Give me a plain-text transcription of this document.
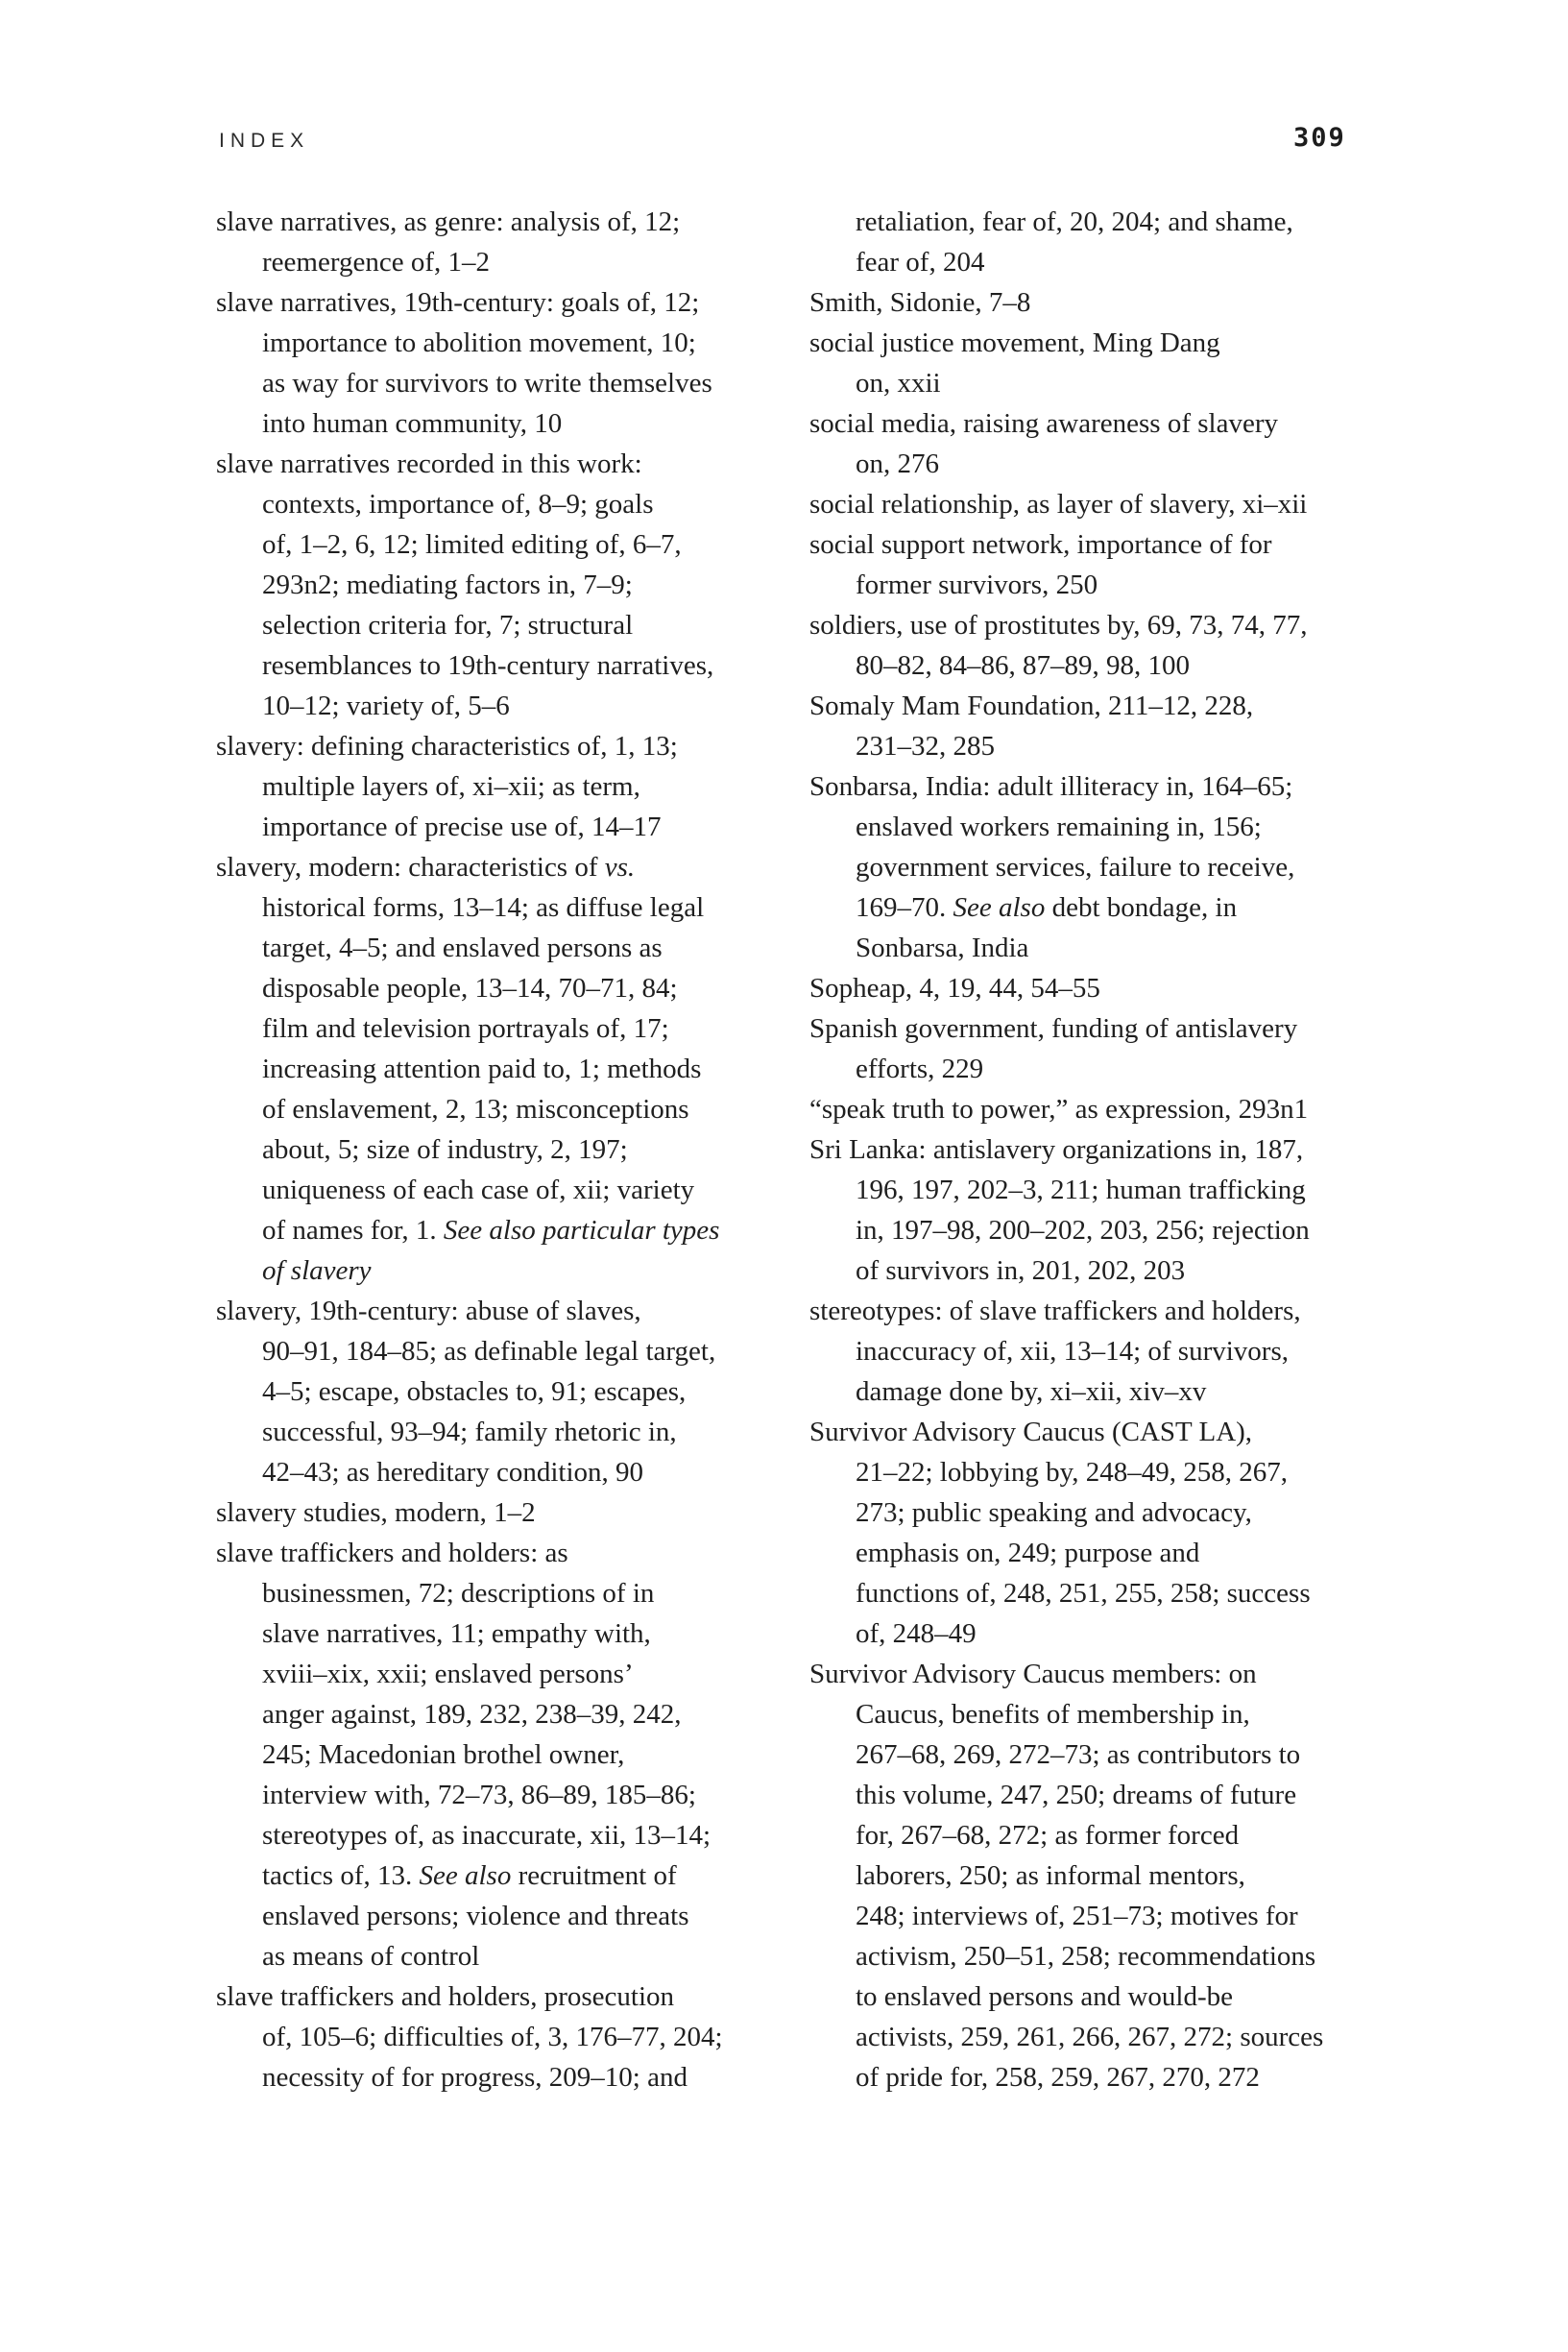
INDEX	309
slave narratives, as genre: analysis of, 12;
reemergence of, 1–2
slave narratives, 19th-century: goals of, 12;
importance to abolition movement, 10;
as way for survivors to write themselves
into human community, 10
slave narratives recorded in this work:
contexts, importance of, 8–9; goals
of, 1–2, 6, 12; limited editing of, 6–7,
293n2; mediating factors in, 7–9;
selection criteria for, 7; structural
resemblances to 19th-century narratives,
10–12; variety of, 5–6
slavery: defining characteristics of, 1, 13;
multiple layers of, xi–xii; as term,
importance of precise use of, 14–17
slavery, modern: characteristics of vs.
historical forms, 13–14; as diffuse legal
target, 4–5; and enslaved persons as
disposable people, 13–14, 70–71, 84;
film and television portrayals of, 17;
increasing attention paid to, 1; methods
of enslavement, 2, 13; misconceptions
about, 5; size of industry, 2, 197;
uniqueness of each case of, xii; variety
of names for, 1. See also particular types
of slavery
slavery, 19th-century: abuse of slaves,
90–91, 184–85; as definable legal target,
4–5; escape, obstacles to, 91; escapes,
successful, 93–94; family rhetoric in,
42–43; as hereditary condition, 90
slavery studies, modern, 1–2
slave traffickers and holders: as
businessmen, 72; descriptions of in
slave narratives, 11; empathy with,
xviii–xix, xxii; enslaved persons’
anger against, 189, 232, 238–39, 242,
245; Macedonian brothel owner,
interview with, 72–73, 86–89, 185–86;
stereotypes of, as inaccurate, xii, 13–14;
tactics of, 13. See also recruitment of
enslaved persons; violence and threats
as means of control
slave traffickers and holders, prosecution
of, 105–6; difficulties of, 3, 176–77, 204;
necessity of for progress, 209–10; and
retaliation, fear of, 20, 204; and shame,
fear of, 204
Smith, Sidonie, 7–8
social justice movement, Ming Dang
on, xxii
social media, raising awareness of slavery
on, 276
social relationship, as layer of slavery, xi–xii
social support network, importance of for
former survivors, 250
soldiers, use of prostitutes by, 69, 73, 74, 77,
80–82, 84–86, 87–89, 98, 100
Somaly Mam Foundation, 211–12, 228,
231–32, 285
Sonbarsa, India: adult illiteracy in, 164–65;
enslaved workers remaining in, 156;
government services, failure to receive,
169–70. See also debt bondage, in
Sonbarsa, India
Sopheap, 4, 19, 44, 54–55
Spanish government, funding of antislavery
efforts, 229
“speak truth to power,” as expression, 293n1
Sri Lanka: antislavery organizations in, 187,
196, 197, 202–3, 211; human trafficking
in, 197–98, 200–202, 203, 256; rejection
of survivors in, 201, 202, 203
stereotypes: of slave traffickers and holders,
inaccuracy of, xii, 13–14; of survivors,
damage done by, xi–xii, xiv–xv
Survivor Advisory Caucus (CAST LA),
21–22; lobbying by, 248–49, 258, 267,
273; public speaking and advocacy,
emphasis on, 249; purpose and
functions of, 248, 251, 255, 258; success
of, 248–49
Survivor Advisory Caucus members: on
Caucus, benefits of membership in,
267–68, 269, 272–73; as contributors to
this volume, 247, 250; dreams of future
for, 267–68, 272; as former forced
laborers, 250; as informal mentors,
248; interviews of, 251–73; motives for
activism, 250–51, 258; recommendations
to enslaved persons and would-be
activists, 259, 261, 266, 267, 272; sources
of pride for, 258, 259, 267, 270, 272
